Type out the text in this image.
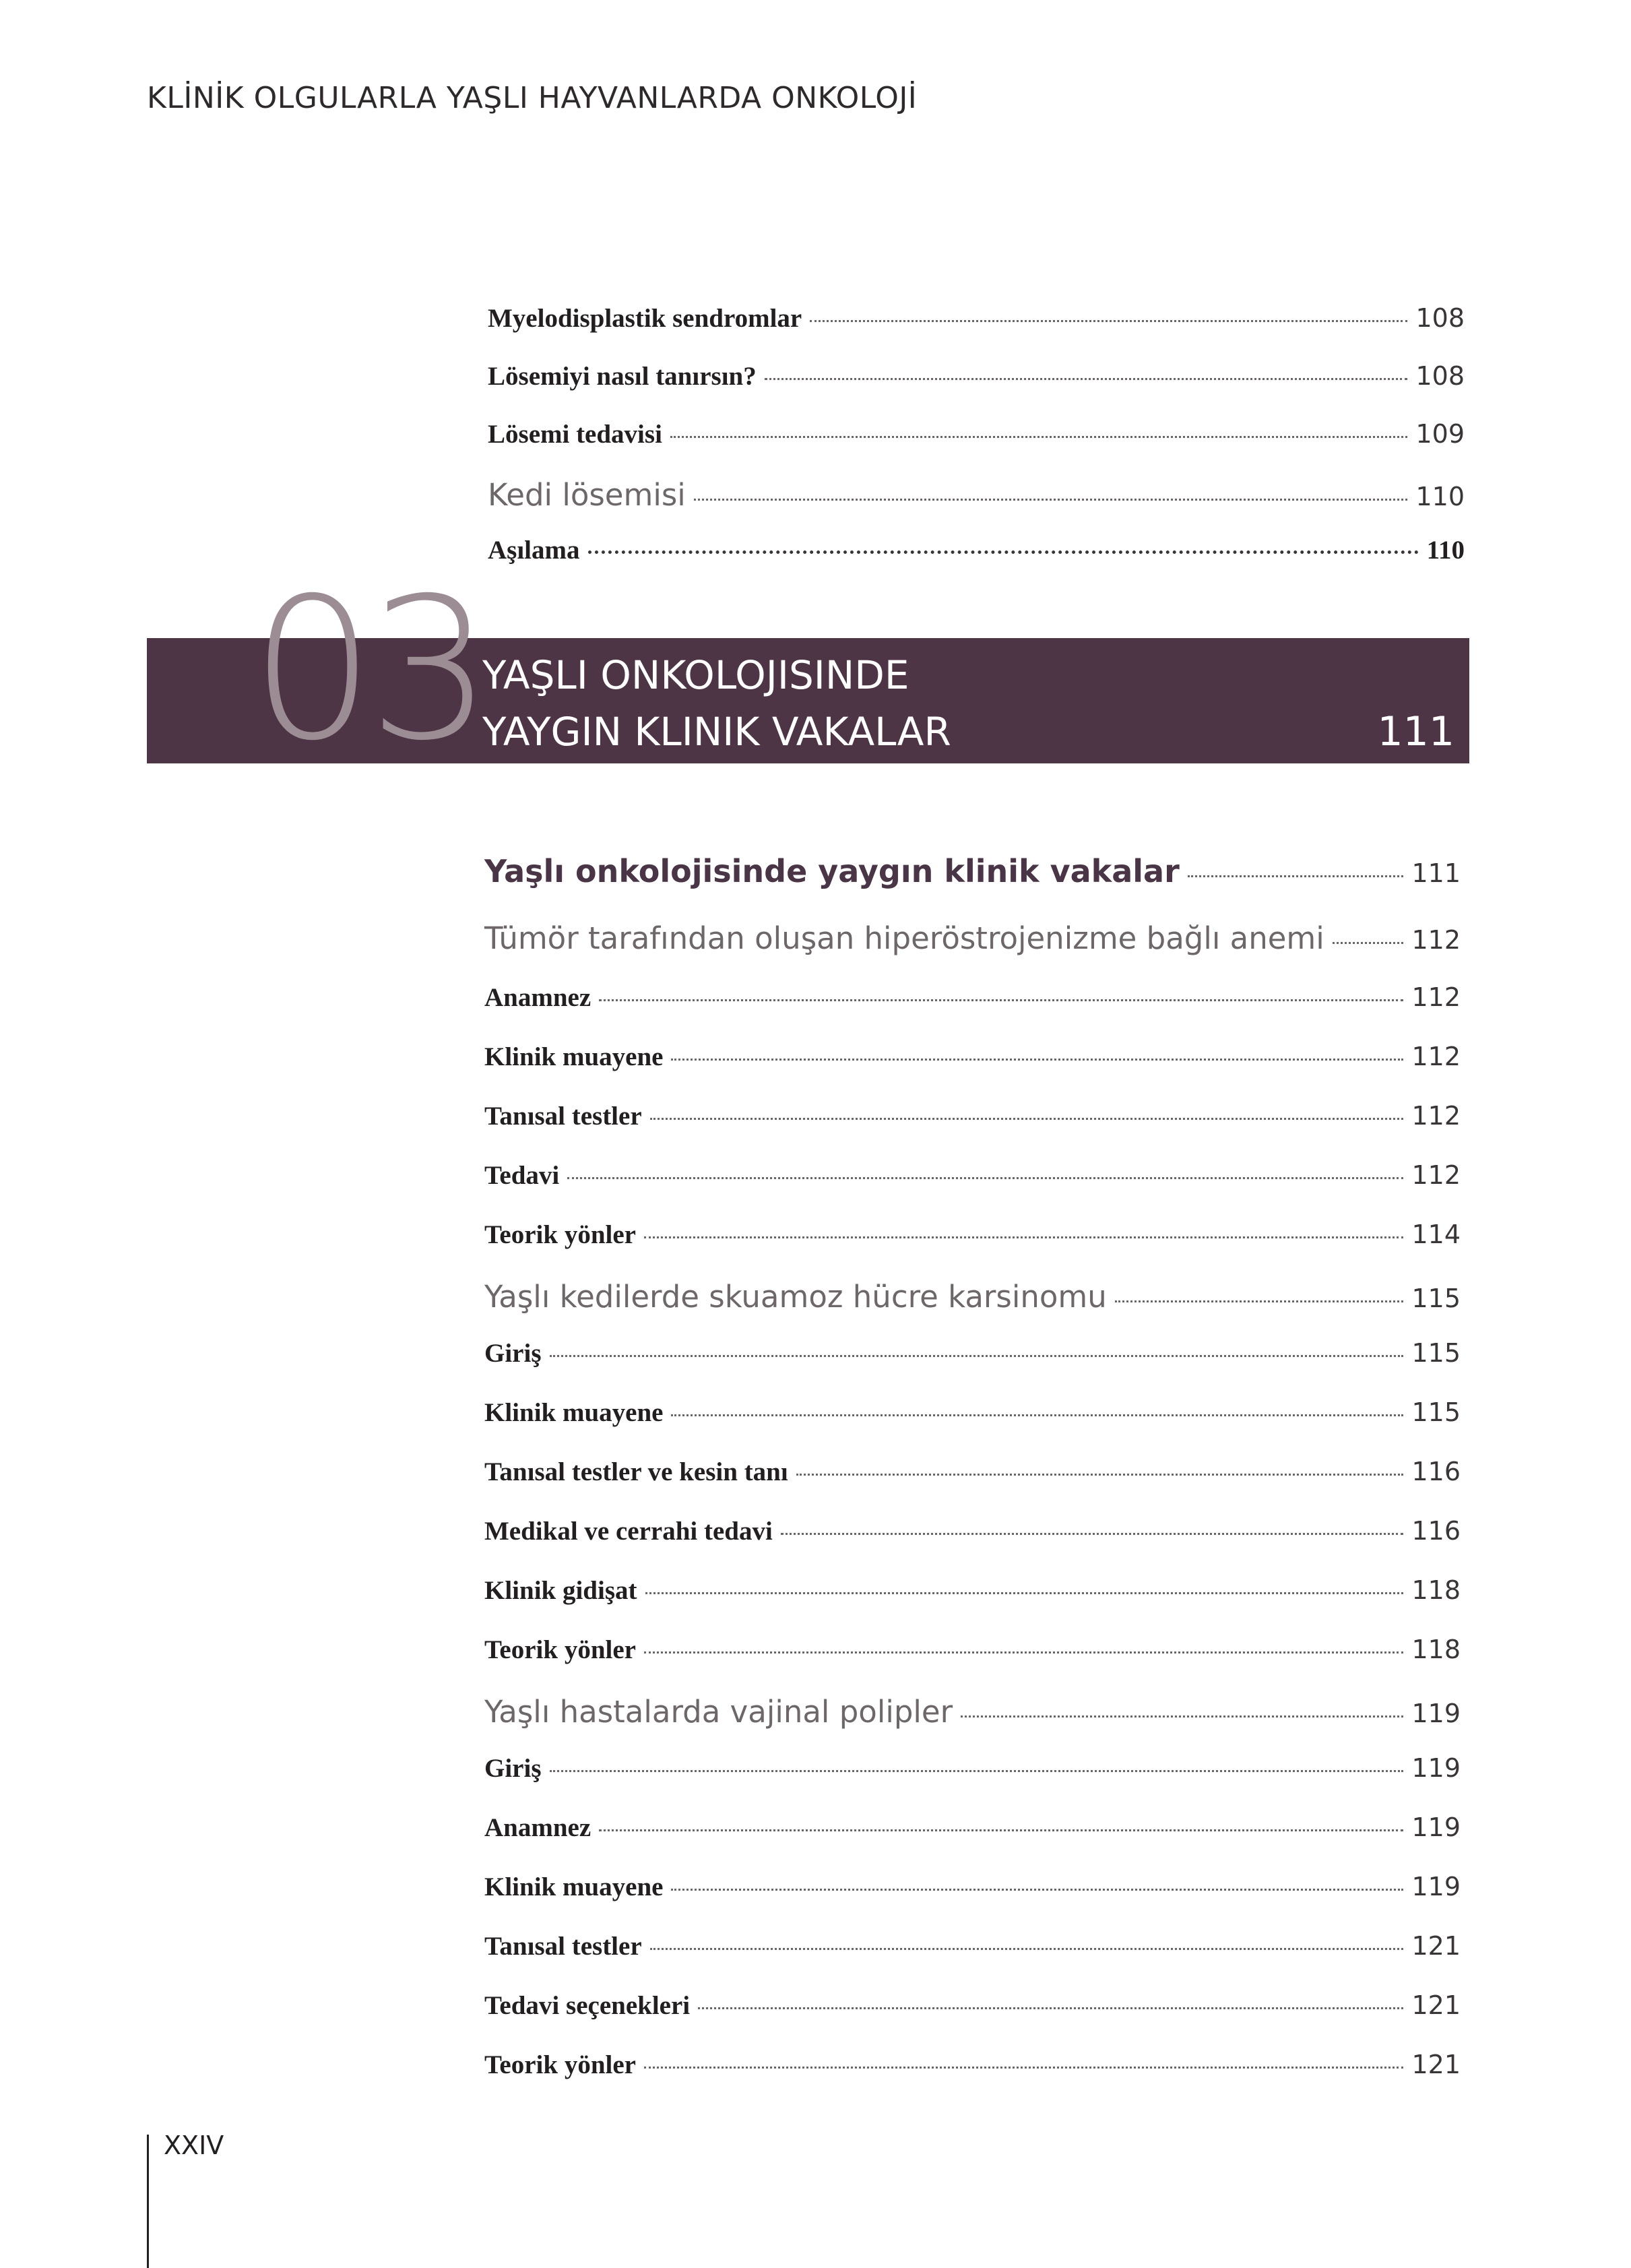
KLİNİK OLGULARLA YAŞLI HAYVANLARDA ONKOLOJİ
Myelodisplastik sendromlar	108
Lösemiyi nasıl tanırsın?	108
Lösemi tedavisi	109
Kedi lösemisi	110
Aşılama	110
03
YAŞLI ONKOLOJISINDE
YAYGIN KLINIK VAKALAR	111
Yaşlı onkolojisinde yaygın klinik vakalar	111
Tümör tarafından oluşan hiperöstrojenizme bağlı anemi	112
Anamnez	112
Klinik muayene	112
Tanısal testler	112
Tedavi	112
Teorik yönler	114
Yaşlı kedilerde skuamoz hücre karsinomu	115
Giriş	115
Klinik muayene	115
Tanısal testler ve kesin tanı	116
Medikal ve cerrahi tedavi	116
Klinik gidişat	118
Teorik yönler	118
Yaşlı hastalarda vajinal polipler	119
Giriş	119
Anamnez	119
Klinik muayene	119
Tanısal testler	121
Tedavi seçenekleri	121
Teorik yönler	121
XXIV
